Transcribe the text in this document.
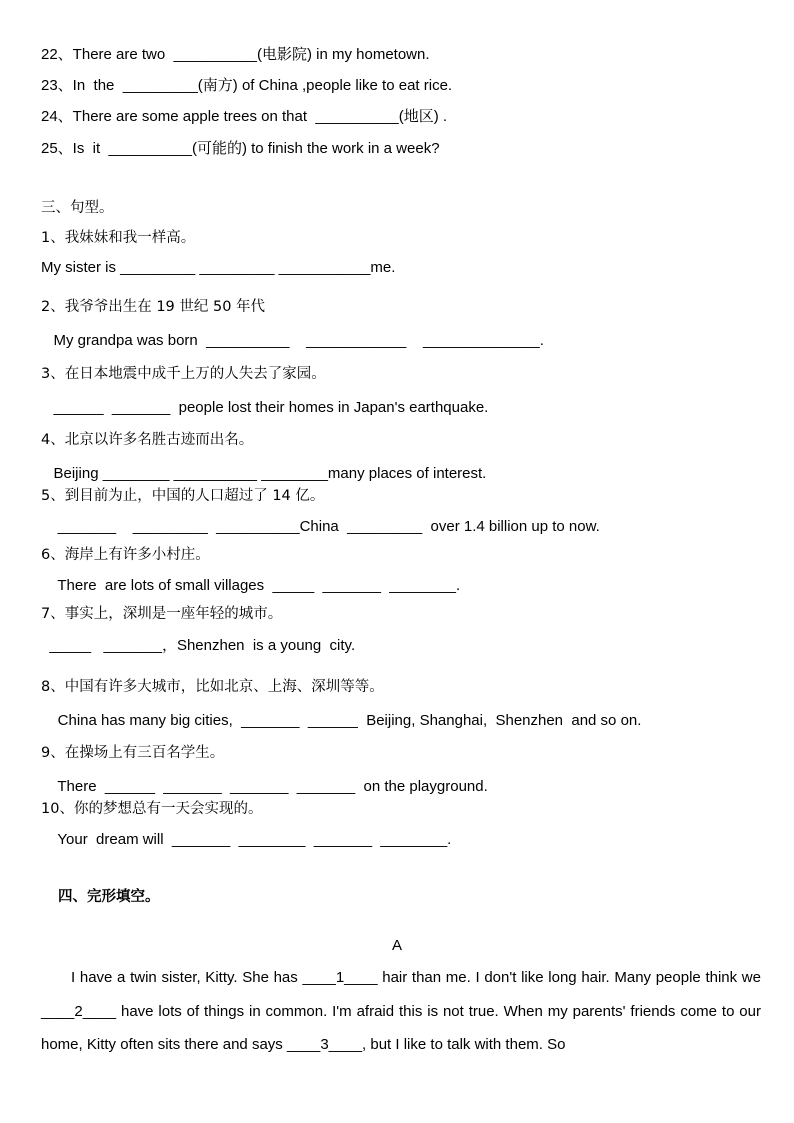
22、There are two  __________(电影院) in my hometown.
23、In  the  _________(南方) of China ,people like to eat rice.
24、There are some apple trees on that  __________(地区) .
25、Is  it  __________(可能的) to finish the work in a week?
三、句型。
1、我妹妹和我一样高。
My sister is _________ _________ ___________me.
2、我爷爷出生在 19 世纪 50 年代
My grandpa was born  __________    ____________    ______________.
3、在日本地震中成千上万的人失去了家园。
______  _______  people lost their homes in Japan's earthquake.
4、北京以许多名胜古迹而出名。
Beijing ________ __________ ________many places of interest.
5、到目前为止，中国的人口超过了 14 亿。
_______    _________  __________China  _________  over 1.4 billion up to now.
6、海岸上有许多小村庄。
There  are lots of small villages  _____  _______  ________.
7、事实上，深圳是一座年轻的城市。
_____   _______，Shenzhen  is a young  city.
8、中国有许多大城市，比如北京、上海、深圳等等。
China has many big cities,  _______  ______  Beijing, Shanghai,  Shenzhen  and so on.
9、在操场上有三百名学生。
There  ______  _______  _______  _______  on the playground.
10、你的梦想总有一天会实现的。
Your  dream will  _______  ________  _______  ________.
四、完形填空。
A
I have a twin sister, Kitty. She has ____1____ hair than me. I don't like long hair. Many people think we ____2____ have lots of things in common. I'm afraid this is not true. When my parents' friends come to our home, Kitty often sits there and says ____3____, but I like to talk with them. So
